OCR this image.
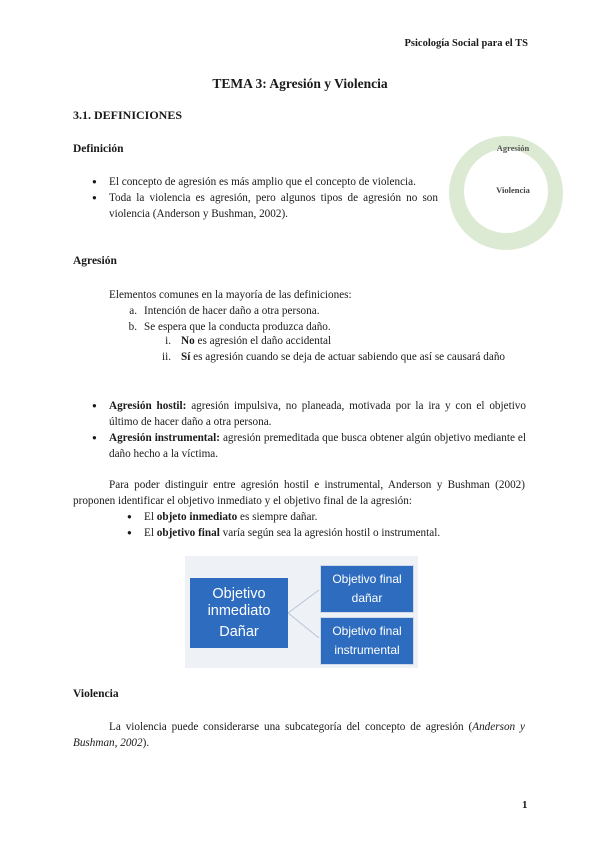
Psicología Social para el TS
TEMA 3: Agresión y Violencia
3.1. DEFINICIONES
Definición
● El concepto de agresión es más amplio que el concepto de violencia.
● Toda la violencia es agresión, pero algunos tipos de agresión no son violencia (Anderson y Bushman, 2002).
Agresión
Violencia
Agresión
Elementos comunes en la mayoría de las definiciones:
a. Intención de hacer daño a otra persona.
b. Se espera que la conducta produzca daño.
i. No es agresión el daño accidental
ii. Sí es agresión cuando se deja de actuar sabiendo que así se causará daño
● Agresión hostil: agresión impulsiva, no planeada, motivada por la ira y con el objetivo último de hacer daño a otra persona.
● Agresión instrumental: agresión premeditada que busca obtener algún objetivo mediante el daño hecho a la víctima.
Para poder distinguir entre agresión hostil e instrumental, Anderson y Bushman (2002) proponen identificar el objetivo inmediato y el objetivo final de la agresión:
● El objeto inmediato es siempre dañar.
● El objetivo final varía según sea la agresión hostil o instrumental.
Objetivo
inmediato
Dañar
Objetivo final
dañar
Objetivo final
instrumental
Violencia
La violencia puede considerarse una subcategoría del concepto de agresión (Anderson y Bushman, 2002).
1
